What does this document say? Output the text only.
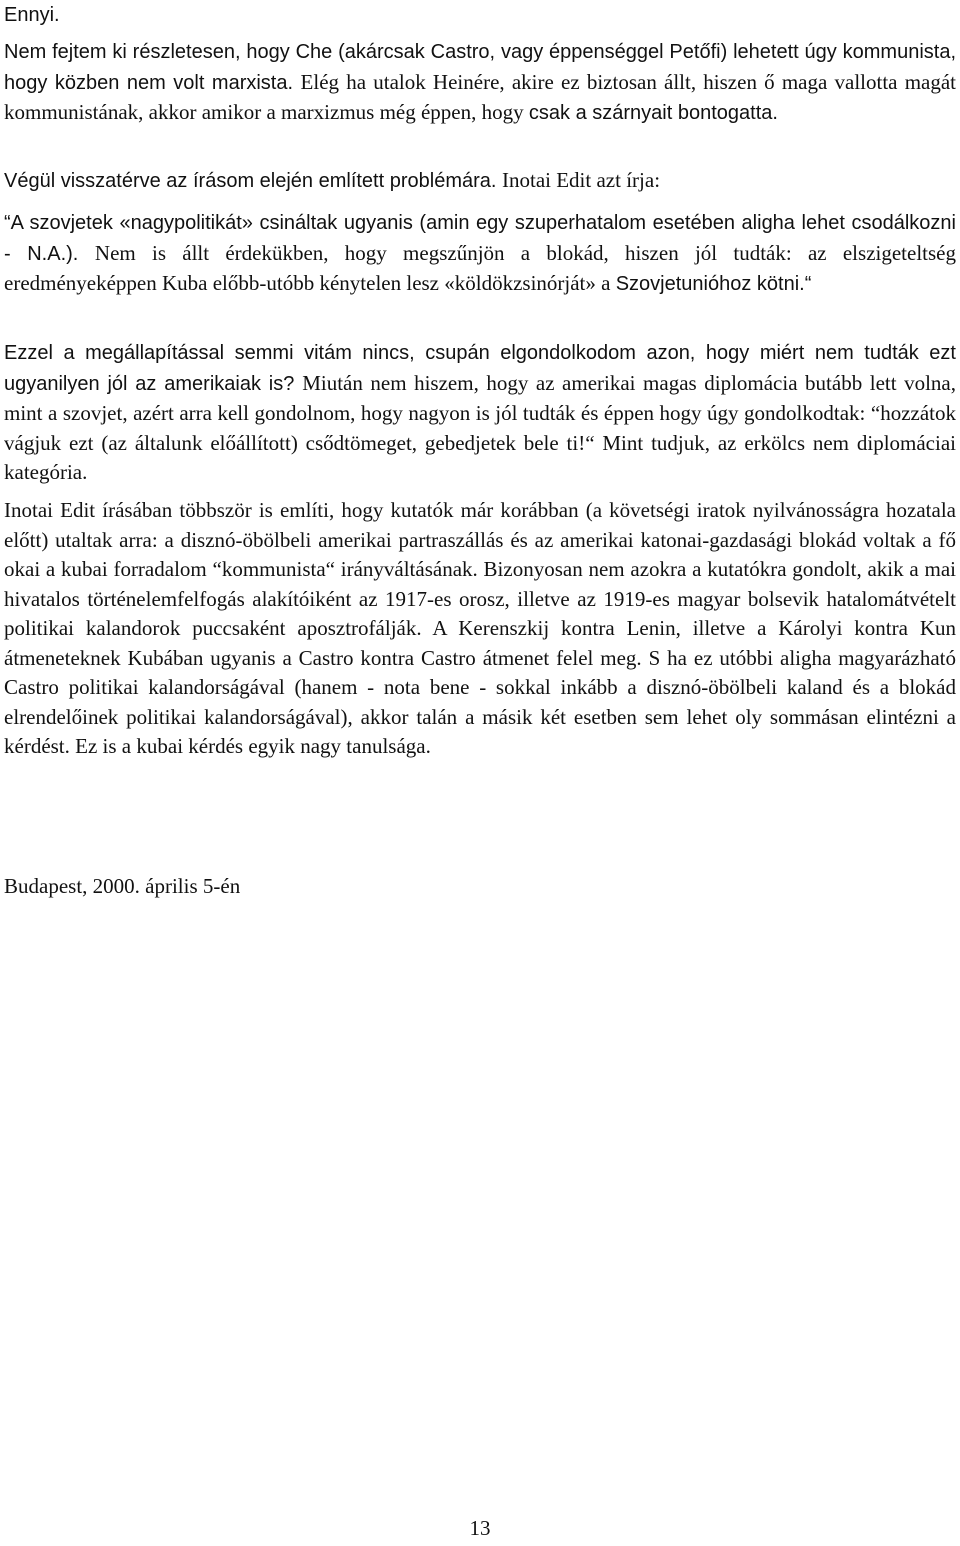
Ennyi.

Nem fejtem ki részletesen, hogy Che (akárcsak Castro, vagy éppenséggel Petőfi) lehetett úgy kommunista, hogy közben nem volt marxista. Elég ha utalok Heinére, akire ez biztosan állt, hiszen ő maga vallotta magát kommunistának, akkor amikor a marxizmus még éppen, hogy csak a szárnyait bontogatta.

Végül visszatérve az írásom elején említett problémára. Inotai Edit azt írja:

“A szovjetek «nagypolitikát» csináltak ugyanis (amin egy szuperhatalom esetében aligha lehet csodálkozni - N.A.). Nem is állt érdekükben, hogy megszűnjön a blokád, hiszen jól tudták: az elszigeteltség eredményeképpen Kuba előbb-utóbb kénytelen lesz «köldökzsinórját» a Szovjetunióhoz kötni.“

Ezzel a megállapítással semmi vitám nincs, csupán elgondolkodom azon, hogy miért nem tudták ezt ugyanilyen jól az amerikaiak is? Miután nem hiszem, hogy az amerikai magas diplomácia butább lett volna, mint a szovjet, azért arra kell gondolnom, hogy nagyon is jól tudták és éppen hogy úgy gondolkodtak: “hozzátok vágjuk ezt (az általunk előállított) csődtömeget, gebedjetek bele ti!“ Mint tudjuk, az erkölcs nem diplomáciai kategória.

Inotai Edit írásában többször is említi, hogy kutatók már korábban (a követségi iratok nyilvánosságra hozatala előtt) utaltak arra: a disznó-öbölbeli amerikai partraszállás és az amerikai katonai-gazdasági blokád voltak a fő okai a kubai forradalom “kommunista“ irányváltásának. Bizonyosan nem azokra a kutatókra gondolt, akik a mai hivatalos történelemfelfogás alakítóiként az 1917-es orosz, illetve az 1919-es magyar bolsevik hatalomátvételt politikai kalandorok puccsaként aposztrofálják. A Kerenszkij kontra Lenin, illetve a Károlyi kontra Kun átmeneteknek Kubában ugyanis a Castro kontra Castro átmenet felel meg. S ha ez utóbbi aligha magyarázható Castro politikai kalandorságával (hanem - nota bene - sokkal inkább a disznó-öbölbeli kaland és a blokád elrendelőinek politikai kalandorságával), akkor talán a másik két esetben sem lehet oly sommásan elintézni a kérdést. Ez is a kubai kérdés egyik nagy tanulsága.

Budapest, 2000. április 5-én

13
